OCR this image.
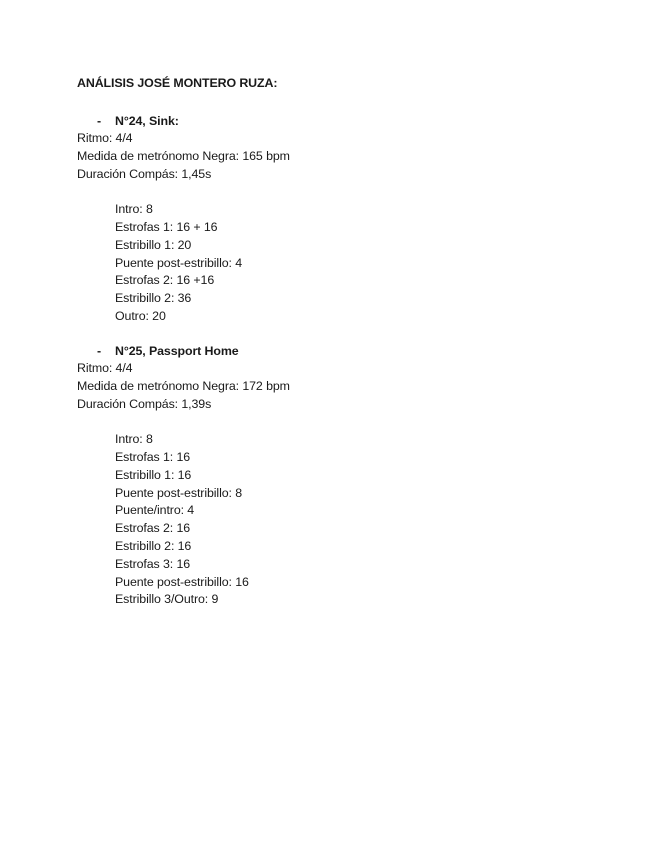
ANÁLISIS JOSÉ MONTERO RUZA:
- N°24, Sink:
Ritmo: 4/4
Medida de metrónomo Negra: 165 bpm
Duración Compás: 1,45s
Intro: 8
Estrofas 1: 16 + 16
Estribillo 1: 20
Puente post-estribillo: 4
Estrofas 2: 16 +16
Estribillo 2: 36
Outro: 20
- N°25, Passport Home
Ritmo: 4/4
Medida de metrónomo Negra: 172 bpm
Duración Compás: 1,39s
Intro: 8
Estrofas 1: 16
Estribillo 1: 16
Puente post-estribillo: 8
Puente/intro: 4
Estrofas 2: 16
Estribillo 2: 16
Estrofas 3: 16
Puente post-estribillo: 16
Estribillo 3/Outro: 9
